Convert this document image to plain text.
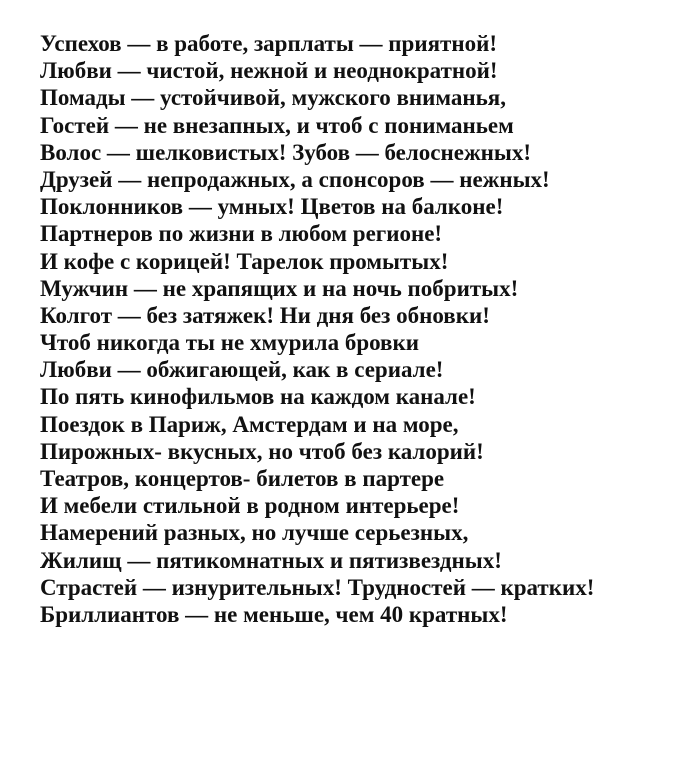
Успехов — в работе, зарплаты — приятной!
Любви — чистой, нежной и неоднократной!
Помады — устойчивой, мужского вниманья,
Гостей — не внезапных, и чтоб с пониманьем
Волос — шелковистых! Зубов — белоснежных!
Друзей — непродажных, а спонсоров — нежных!
Поклонников — умных! Цветов на балконе!
Партнеров по жизни в любом регионе!
И кофе с корицей! Тарелок промытых!
Мужчин — не храпящих и на ночь побритых!
Колгот — без затяжек! Ни дня без обновки!
Чтоб никогда ты не хмурила бровки
Любви — обжигающей, как в сериале!
По пять кинофильмов на каждом канале!
Поездок в Париж, Амстердам и на море,
Пирожных- вкусных, но чтоб без калорий!
Театров, концертов- билетов в партере
И мебели стильной в родном интерьере!
Намерений разных, но лучше серьезных,
Жилищ — пятикомнатных и пятизвездных!
Страстей — изнурительных! Трудностей — кратких!
Бриллиантов — не меньше, чем 40 кратных!
